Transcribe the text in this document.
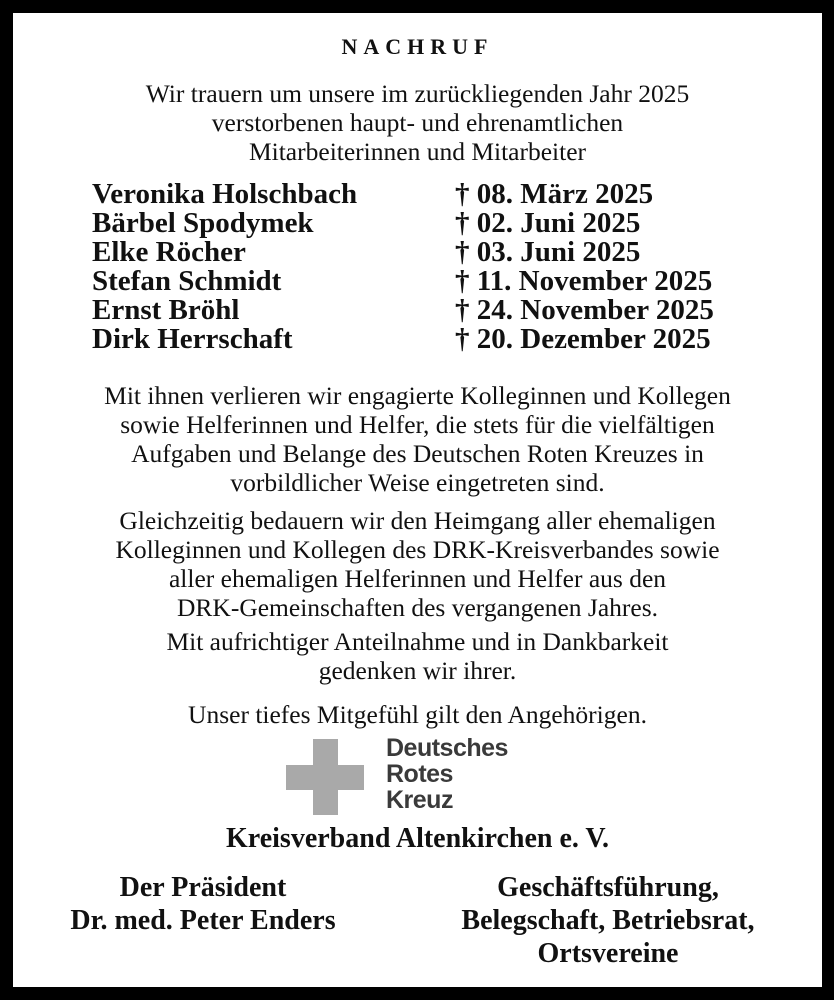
NACHRUF
Wir trauern um unsere im zurückliegenden Jahr 2025
verstorbenen haupt- und ehrenamtlichen
Mitarbeiterinnen und Mitarbeiter
Veronika Holschbach	† 08. März 2025
Bärbel Spodymek	† 02. Juni 2025
Elke Röcher	† 03. Juni 2025
Stefan Schmidt	† 11. November 2025
Ernst Bröhl	† 24. November 2025
Dirk Herrschaft	† 20. Dezember 2025
Mit ihnen verlieren wir engagierte Kolleginnen und Kollegen
sowie Helferinnen und Helfer, die stets für die vielfältigen
Aufgaben und Belange des Deutschen Roten Kreuzes in
vorbildlicher Weise eingetreten sind.
Gleichzeitig bedauern wir den Heimgang aller ehemaligen
Kolleginnen und Kollegen des DRK-Kreisverbandes sowie
aller ehemaligen Helferinnen und Helfer aus den
DRK-Gemeinschaften des vergangenen Jahres.
Mit aufrichtiger Anteilnahme und in Dankbarkeit
gedenken wir ihrer.
Unser tiefes Mitgefühl gilt den Angehörigen.
Deutsches
Rotes
Kreuz
Kreisverband Altenkirchen e. V.
Der Präsident
Dr. med. Peter Enders
Geschäftsführung,
Belegschaft, Betriebsrat,
Ortsvereine
